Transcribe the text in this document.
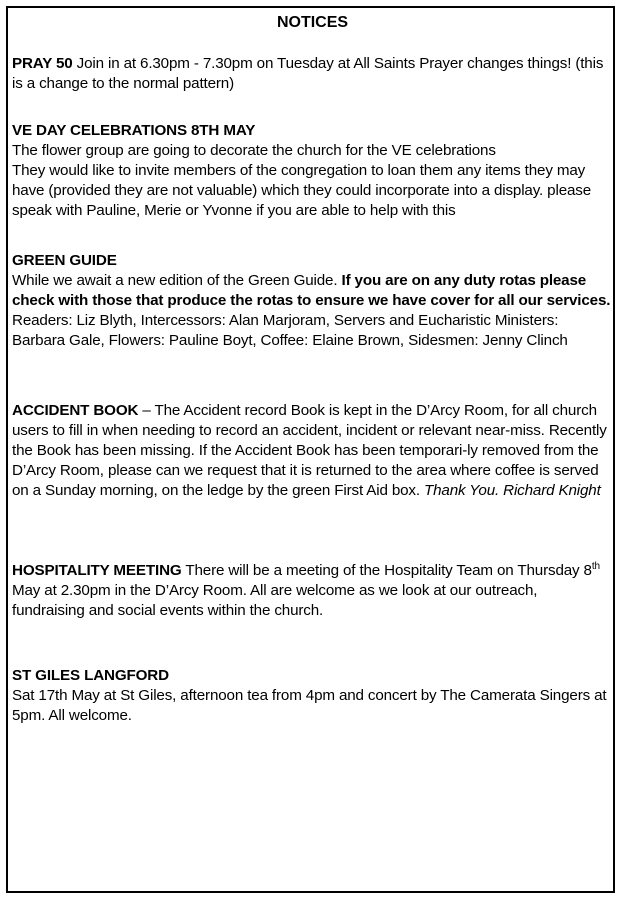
NOTICES

PRAY 50 Join in at 6.30pm - 7.30pm on Tuesday at All Saints Prayer changes things! (this is a change to the normal pattern)

VE DAY CELEBRATIONS 8TH MAY

The flower group are going to decorate the church for the VE celebrations

They would like to invite members of the congregation to loan them any items they may have (provided they are not valuable) which they could incorporate into a display. please speak with Pauline, Merie or Yvonne if you are able to help with this

GREEN GUIDE

While we await a new edition of the Green Guide. If you are on any duty rotas please check with those that produce the rotas to ensure we have cover for all our services.

Readers: Liz Blyth, Intercessors: Alan Marjoram, Servers and Eucharistic Ministers: Barbara Gale, Flowers: Pauline Boyt, Coffee: Elaine Brown, Sidesmen: Jenny Clinch

ACCIDENT BOOK – The Accident record Book is kept in the D’Arcy Room, for all church users to fill in when needing to record an accident, incident or relevant near-miss. Recently the Book has been missing. If the Accident Book has been temporari-ly removed from the D’Arcy Room, please can we request that it is returned to the area where coffee is served on a Sunday morning, on the ledge by the green First Aid box. Thank You. Richard Knight

HOSPITALITY MEETING There will be a meeting of the Hospitality Team on Thursday 8th May at 2.30pm in the D’Arcy Room. All are welcome as we look at our outreach, fundraising and social events within the church.

ST GILES LANGFORD

Sat 17th May at St Giles, afternoon tea from 4pm and concert by The Camerata Singers at 5pm. All welcome.
